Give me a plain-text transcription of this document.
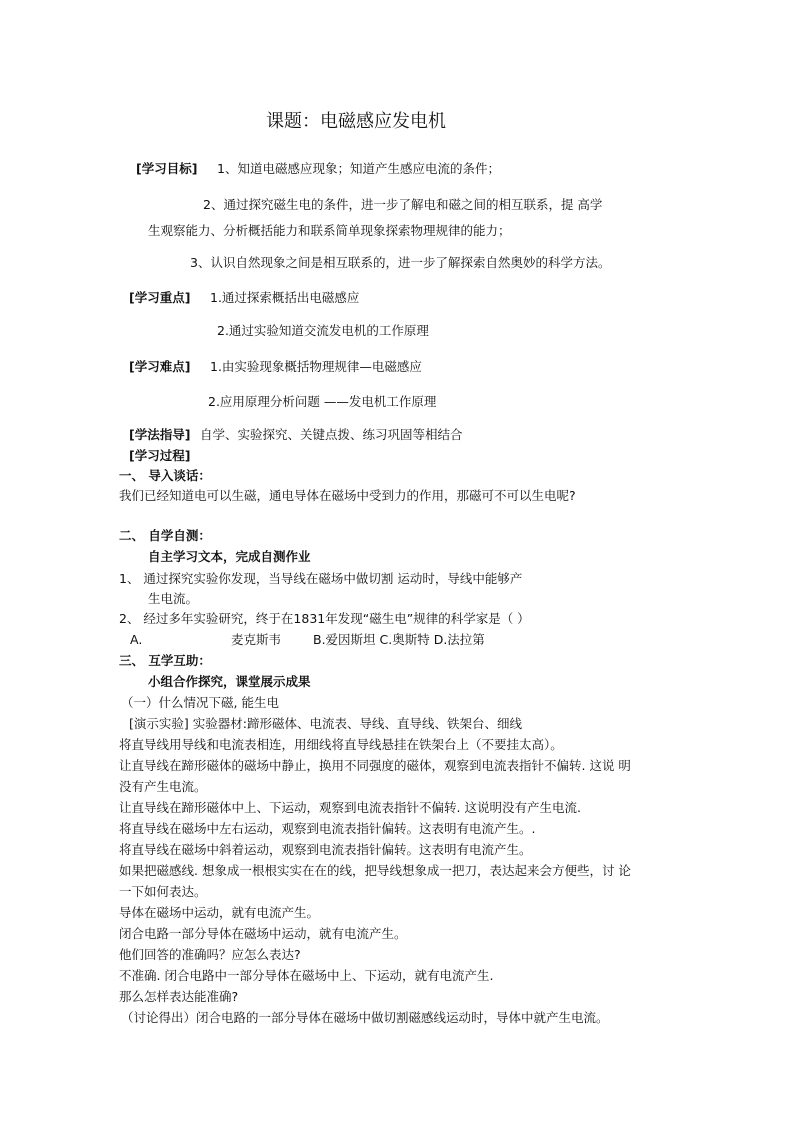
课题：电磁感应发电机

[学习目标] 1、知道电磁感应现象；知道产生感应电流的条件；

2、通过探究磁生电的条件，进一步了解电和磁之间的相互联系，提 高学

生观察能力、分析概括能力和联系简单现象探索物理规律的能力；

3、认识自然现象之间是相互联系的，进一步了解探索自然奥妙的科学方法。

[学习重点] 1.通过探索概括出电磁感应

2.通过实验知道交流发电机的工作原理

[学习难点] 1.由实验现象概括物理规律—电磁感应

2.应用原理分析问题 ——发电机工作原理

[学法指导] 自学、实验探究、关键点拨、练习巩固等相结合

[学习过程]

一、 导入谈话：

我们已经知道电可以生磁，通电导体在磁场中受到力的作用，那磁可不可以生电呢?

二、 自学自测：

自主学习文本，完成自测作业

1、 通过探究实验你发现，当导线在磁场中做切割 运动时，导线中能够产

生电流。

2、 经过多年实验研究，终于在1831年发现“磁生电”规律的科学家是（ ）

A.	麦克斯韦	B.爱因斯坦 C.奥斯特 D.法拉第

三、 互学互助：

小组合作探究，课堂展示成果

（一）什么情况下磁, 能生电

[演示实验] 实验器材:蹄形磁体、电流表、导线、直导线、铁架台、细线

将直导线用导线和电流表相连，用细线将直导线悬挂在铁架台上（不要挂太高）。

让直导线在蹄形磁体的磁场中静止，换用不同强度的磁体，观察到电流表指针不偏转. 这说 明

没有产生电流。

让直导线在蹄形磁体中上、下运动，观察到电流表指针不偏转. 这说明没有产生电流.

将直导线在磁场中左右运动，观察到电流表指针偏转。这表明有电流产生。.

将直导线在磁场中斜着运动，观察到电流表指针偏转。这表明有电流产生。

如果把磁感线. 想象成一根根实实在在的线，把导线想象成一把刀，表达起来会方便些，讨 论

一下如何表达。

导体在磁场中运动，就有电流产生。

闭合电路一部分导体在磁场中运动，就有电流产生。

他们回答的准确吗？应怎么表达?

不准确. 闭合电路中一部分导体在磁场中上、下运动，就有电流产生.

那么怎样表达能准确?

（讨论得出）闭合电路的一部分导体在磁场中做切割磁感线运动时，导体中就产生电流。
